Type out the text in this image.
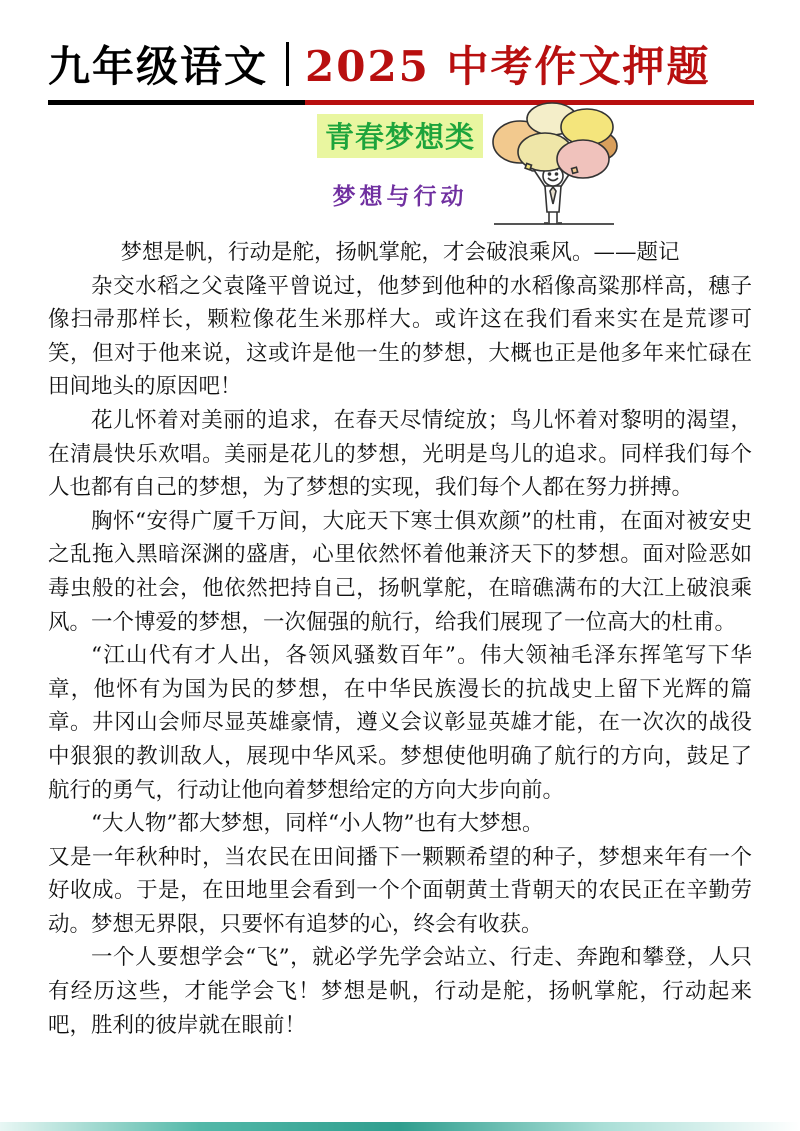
九年级语文 2025 中考作文押题
青春梦想类
梦想与行动

梦想是帆，行动是舵，扬帆掌舵，才会破浪乘风。——题记

杂交水稻之父袁隆平曾说过，他梦到他种的水稻像高粱那样高，穗子像扫帚那样长，颗粒像花生米那样大。或许这在我们看来实在是荒谬可笑，但对于他来说，这或许是他一生的梦想，大概也正是他多年来忙碌在田间地头的原因吧！

花儿怀着对美丽的追求，在春天尽情绽放；鸟儿怀着对黎明的渴望，在清晨快乐欢唱。美丽是花儿的梦想，光明是鸟儿的追求。同样我们每个人也都有自己的梦想，为了梦想的实现，我们每个人都在努力拼搏。

胸怀“安得广厦千万间，大庇天下寒士俱欢颜”的杜甫，在面对被安史之乱拖入黑暗深渊的盛唐，心里依然怀着他兼济天下的梦想。面对险恶如毒虫般的社会，他依然把持自己，扬帆掌舵，在暗礁满布的大江上破浪乘风。一个博爱的梦想，一次倔强的航行，给我们展现了一位高大的杜甫。

“江山代有才人出，各领风骚数百年”。伟大领袖毛泽东挥笔写下华章，他怀有为国为民的梦想，在中华民族漫长的抗战史上留下光辉的篇章。井冈山会师尽显英雄豪情，遵义会议彰显英雄才能，在一次次的战役中狠狠的教训敌人，展现中华风采。梦想使他明确了航行的方向，鼓足了航行的勇气，行动让他向着梦想给定的方向大步向前。

“大人物”都大梦想，同样“小人物”也有大梦想。

又是一年秋种时，当农民在田间播下一颗颗希望的种子，梦想来年有一个好收成。于是，在田地里会看到一个个面朝黄土背朝天的农民正在辛勤劳动。梦想无界限，只要怀有追梦的心，终会有收获。

一个人要想学会“飞”，就必学先学会站立、行走、奔跑和攀登，人只有经历这些，才能学会飞！梦想是帆，行动是舵，扬帆掌舵，行动起来吧，胜利的彼岸就在眼前！
